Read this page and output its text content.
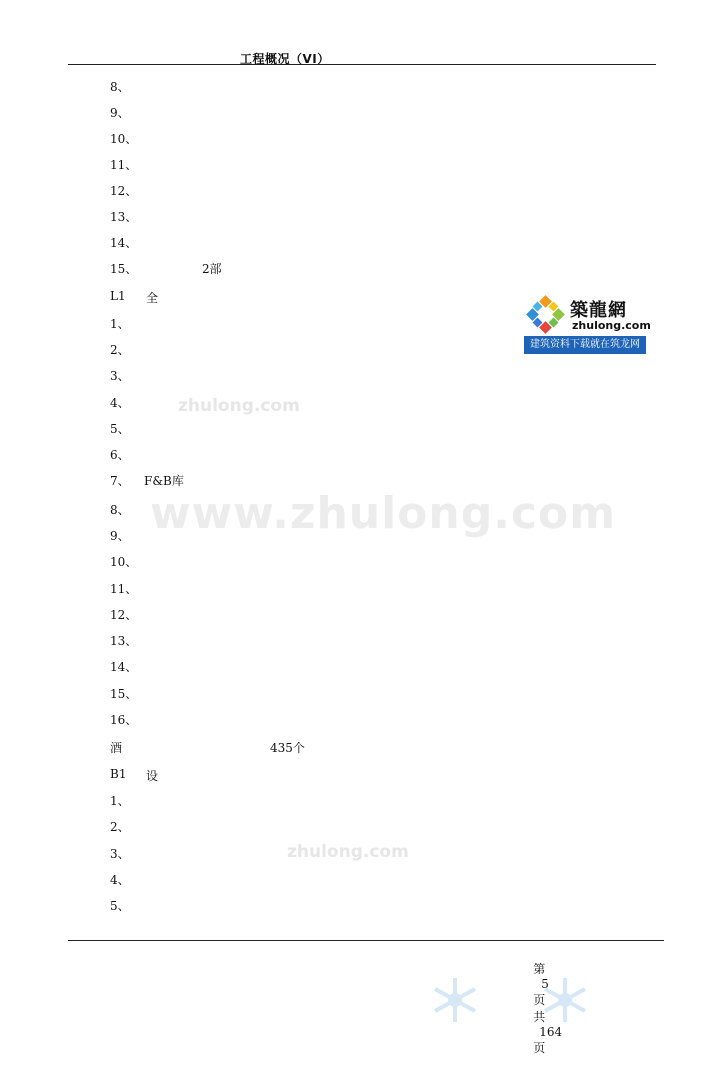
工程概况（VI）
zhulong.com
www.zhulong.com
zhulong.com
8、
9、
10、
11、
12、
13、
14、
15、	2部
L1 全
1、
2、
3、
4、
5、
6、
7、 F&B库
8、
9、
10、
11、
12、
13、
14、
15、
16、
酒	435个
B1 设
1、
2、
3、
4、
5、
築龍網
zhulong.com
建筑资料下载就在筑龙网

第
5
页
共
164
页
